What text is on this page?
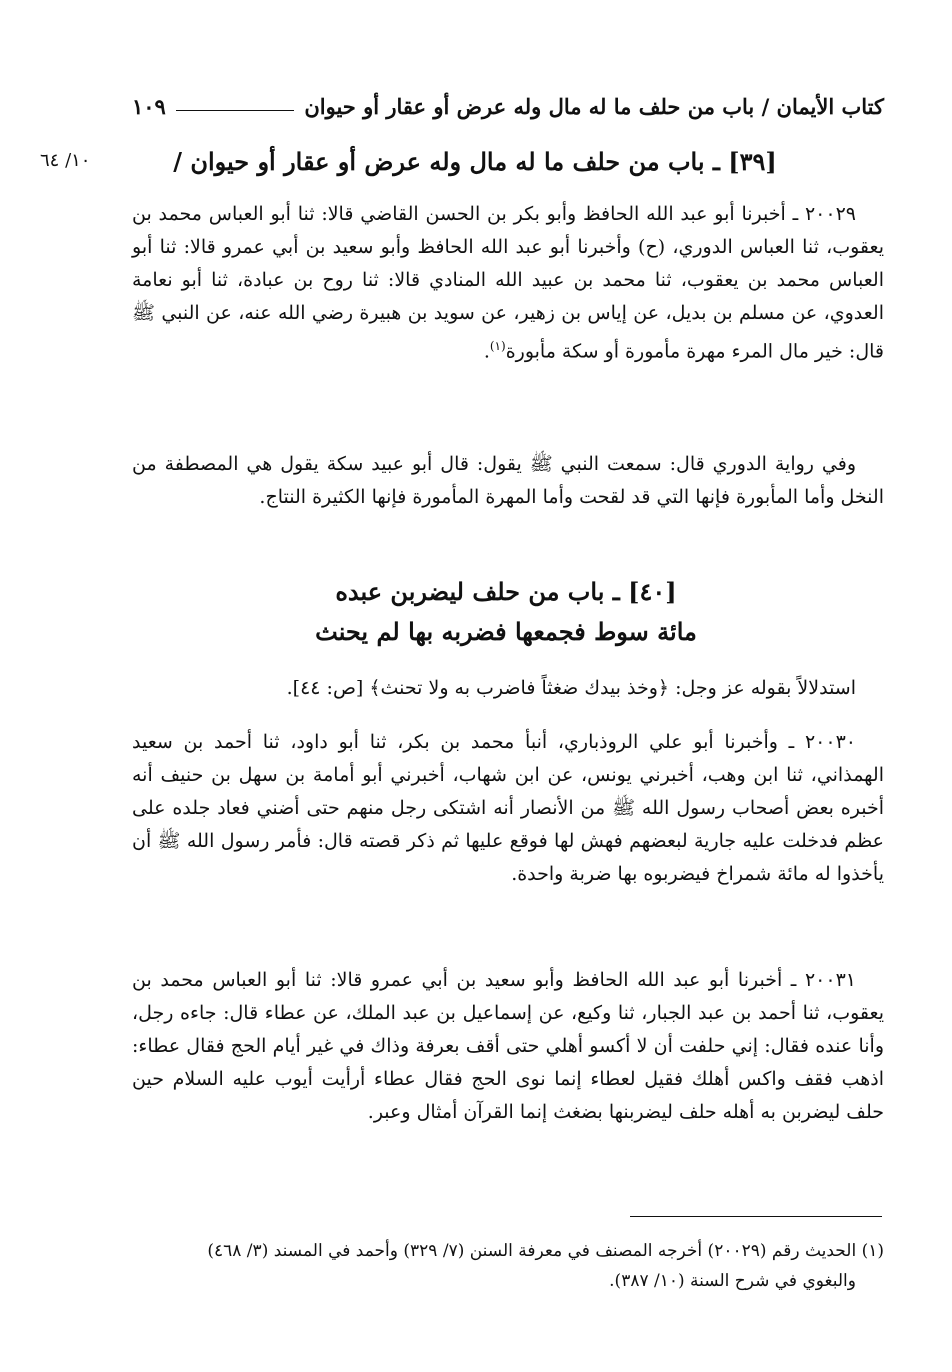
كتاب الأيمان / باب من حلف ما له مال وله عرض أو عقار أو حيوان
١٠٩
١٠/ ٦٤	[٣٩] ـ باب من حلف ما له مال وله عرض أو عقار أو حيوان /
٢٠٠٢٩ ـ أخبرنا أبو عبد الله الحافظ وأبو بكر بن الحسن القاضي قالا: ثنا أبو العباس محمد بن يعقوب، ثنا العباس الدوري، (ح) وأخبرنا أبو عبد الله الحافظ وأبو سعيد بن أبي عمرو قالا: ثنا أبو العباس محمد بن يعقوب، ثنا محمد بن عبيد الله المنادي قالا: ثنا روح بن عبادة، ثنا أبو نعامة العدوي، عن مسلم بن بديل، عن إياس بن زهير، عن سويد بن هبيرة رضي الله عنه، عن النبي ﷺ قال: خير مال المرء مهرة مأمورة أو سكة مأبورة$^{(١)}$.
وفي رواية الدوري قال: سمعت النبي ﷺ يقول: قال أبو عبيد سكة يقول هي المصطفة من النخل وأما المأبورة فإنها التي قد لقحت وأما المهرة المأمورة فإنها الكثيرة النتاج.
[٤٠] ـ باب من حلف ليضربن عبده
مائة سوط فجمعها فضربه بها لم يحنث
استدلالاً بقوله عز وجل: ﴿وخذ بيدك ضغثاً فاضرب به ولا تحنث﴾ [ص: ٤٤].
٢٠٠٣٠ ـ وأخبرنا أبو علي الروذباري، أنبأ محمد بن بكر، ثنا أبو داود، ثنا أحمد بن سعيد الهمذاني، ثنا ابن وهب، أخبرني يونس، عن ابن شهاب، أخبرني أبو أمامة بن سهل بن حنيف أنه أخبره بعض أصحاب رسول الله ﷺ من الأنصار أنه اشتكى رجل منهم حتى أضني فعاد جلده على عظم فدخلت عليه جارية لبعضهم فهش لها فوقع عليها ثم ذكر قصته قال: فأمر رسول الله ﷺ أن يأخذوا له مائة شمراخ فيضربوه بها ضربة واحدة.
٢٠٠٣١ ـ أخبرنا أبو عبد الله الحافظ وأبو سعيد بن أبي عمرو قالا: ثنا أبو العباس محمد بن يعقوب، ثنا أحمد بن عبد الجبار، ثنا وكيع، عن إسماعيل بن عبد الملك، عن عطاء قال: جاءه رجل، وأنا عنده فقال: إني حلفت أن لا أكسو أهلي حتى أقف بعرفة وذاك في غير أيام الحج فقال عطاء: اذهب فقف واكس أهلك فقيل لعطاء إنما نوى الحج فقال عطاء أرأيت أيوب عليه السلام حين حلف ليضربن به أهله حلف ليضربنها بضغث إنما القرآن أمثال وعبر.
(١) الحديث رقم (٢٠٠٢٩) أخرجه المصنف في معرفة السنن (٧/ ٣٢٩) وأحمد في المسند (٣/ ٤٦٨)
والبغوي في شرح السنة (١٠/ ٣٨٧).
